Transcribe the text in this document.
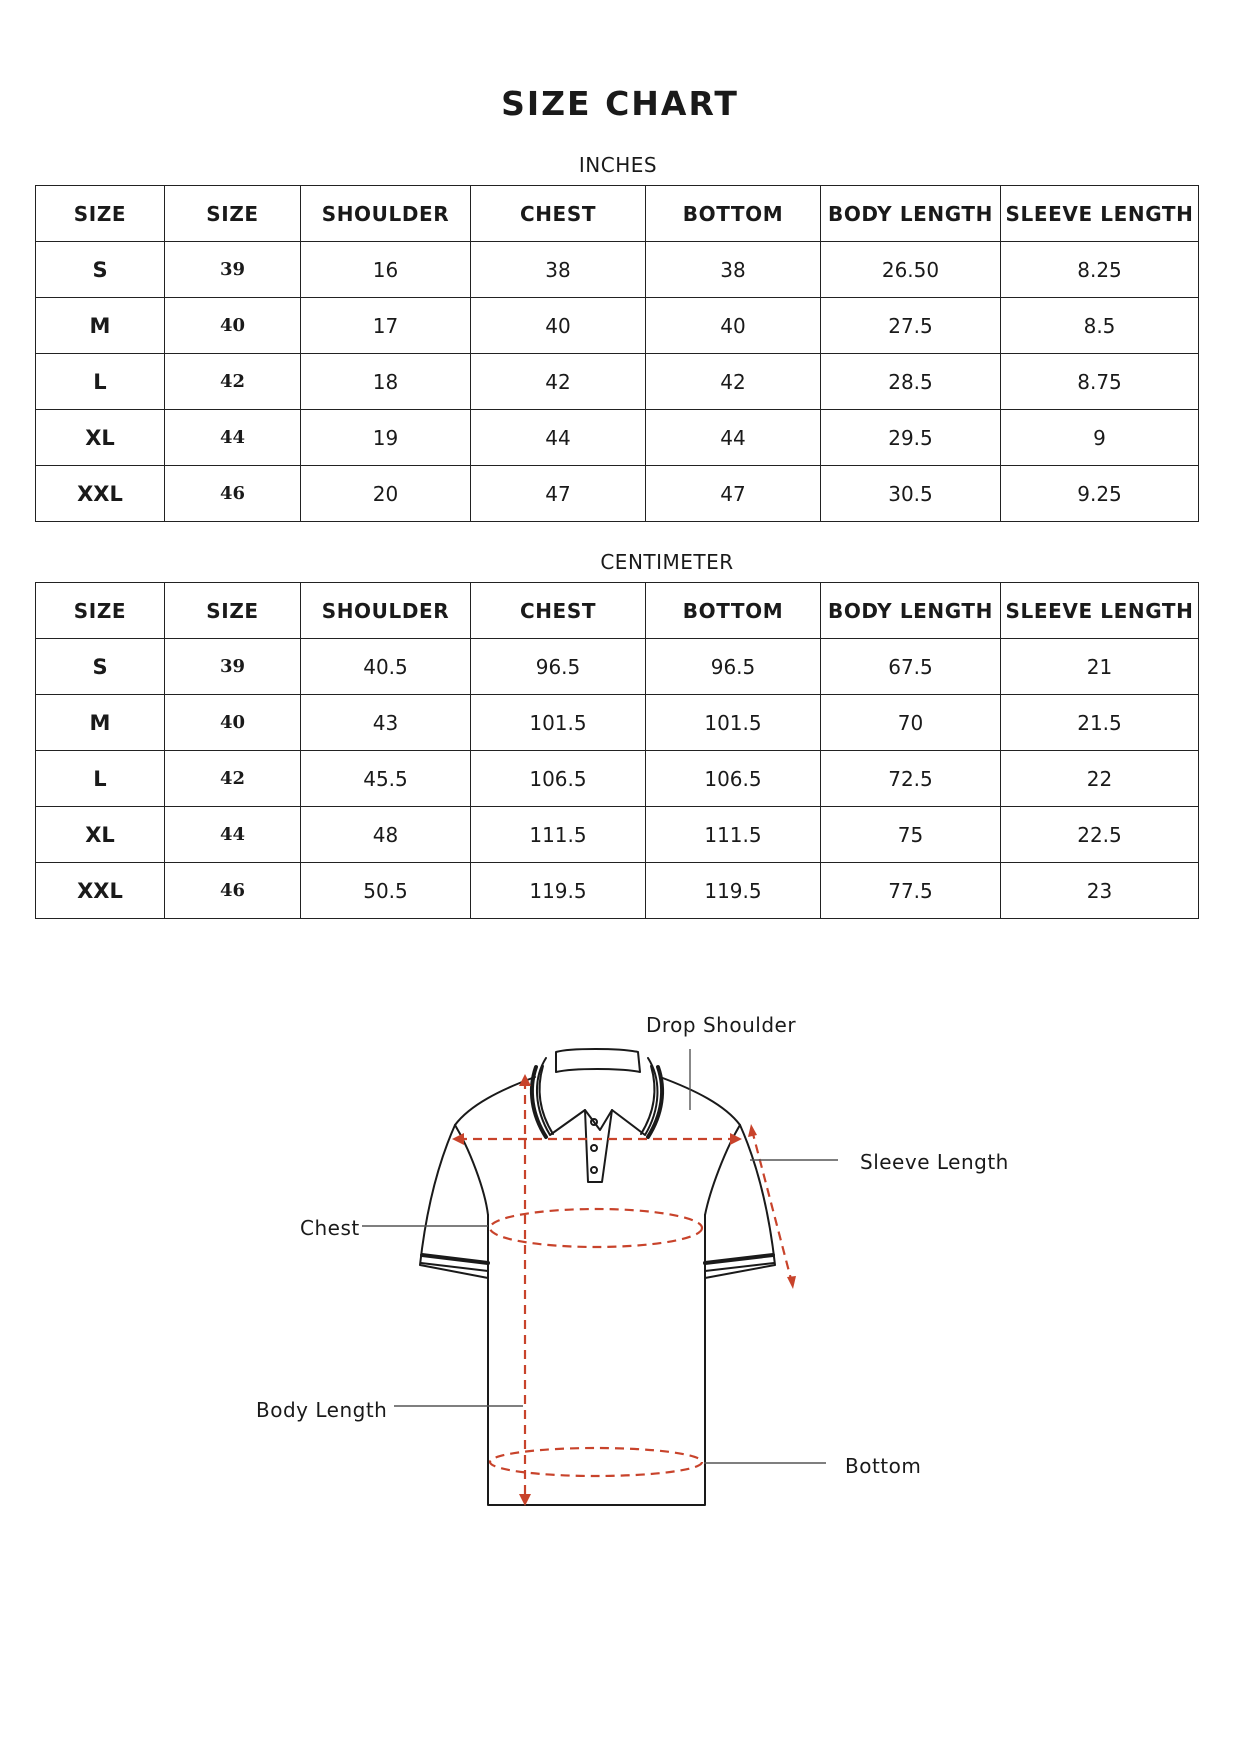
SIZE CHART
INCHES
SIZE	SIZE	SHOULDER	CHEST	BOTTOM	BODY LENGTH	SLEEVE LENGTH
S	39	16	38	38	26.50	8.25
M	40	17	40	40	27.5	8.5
L	42	18	42	42	28.5	8.75
XL	44	19	44	44	29.5	9
XXL	46	20	47	47	30.5	9.25
CENTIMETER
SIZE	SIZE	SHOULDER	CHEST	BOTTOM	BODY LENGTH	SLEEVE LENGTH
S	39	40.5	96.5	96.5	67.5	21
M	40	43	101.5	101.5	70	21.5
L	42	45.5	106.5	106.5	72.5	22
XL	44	48	111.5	111.5	75	22.5
XXL	46	50.5	119.5	119.5	77.5	23
Drop Shoulder
Sleeve Length
Chest
Body Length
Bottom
